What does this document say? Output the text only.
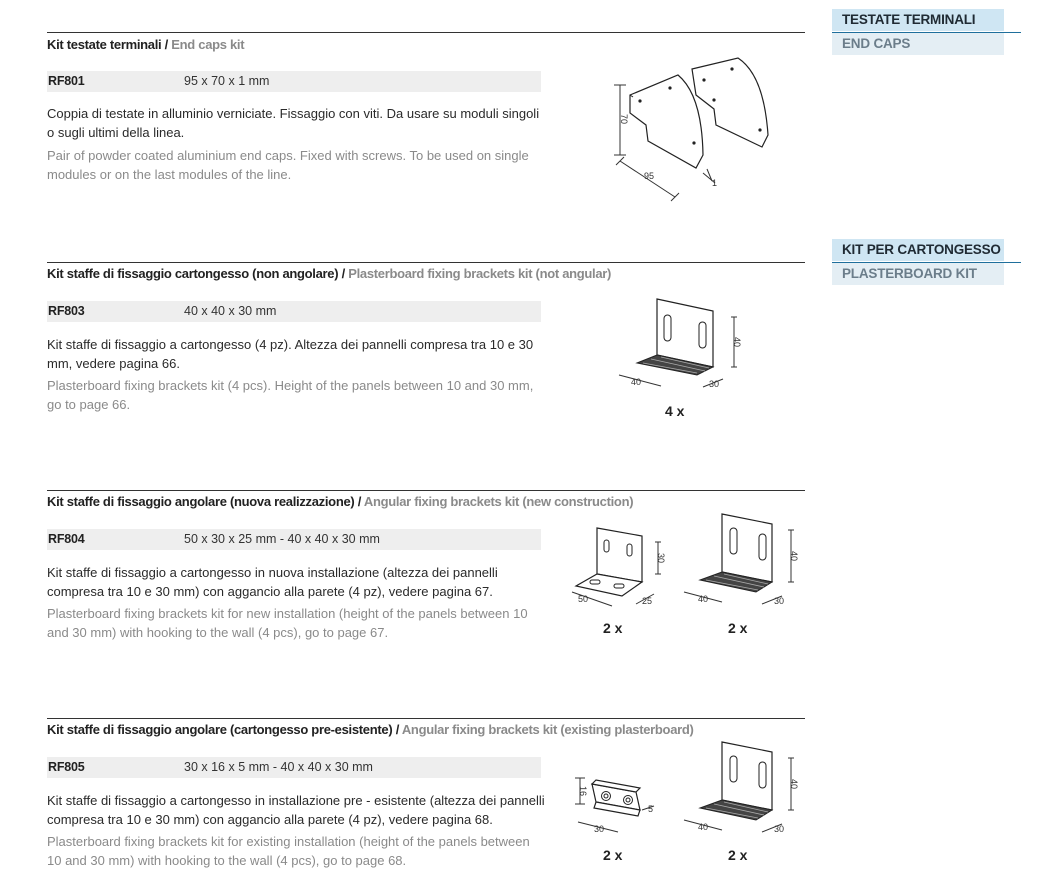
TESTATE TERMINALI
END CAPS
KIT PER CARTONGESSO
PLASTERBOARD KIT
Kit testate terminali / End caps kit
RF801	95 x 70 x 1 mm
Coppia di testate in alluminio verniciate. Fissaggio con viti. Da usare su moduli singoli o sugli ultimi della linea.
Pair of powder coated aluminium end caps. Fixed with screws. To be used on single modules or on the last modules of the line.
70
95
1
Kit staffe di fissaggio cartongesso (non angolare) / Plasterboard fixing brackets kit (not angular)
RF803	40 x 40 x 30 mm
Kit staffe di fissaggio a cartongesso (4 pz). Altezza dei pannelli compresa tra 10 e 30 mm, vedere pagina 66.
Plasterboard fixing brackets kit (4 pcs). Height of the panels between 10 and 30 mm, go to page 66.
40
40	30
4 x
Kit staffe di fissaggio angolare (nuova realizzazione) / Angular fixing brackets kit (new construction)
RF804	50 x 30 x 25 mm - 40 x 40 x 30 mm
Kit staffe di fissaggio a cartongesso in nuova installazione (altezza dei pannelli compresa tra 10 e 30 mm) con aggancio alla parete (4 pz), vedere pagina 67.
Plasterboard fixing brackets kit for new installation (height of the panels between 10 and 30 mm) with hooking to the wall (4 pcs), go to page 67.
30
50	25
2 x
40
40	30
2 x
Kit staffe di fissaggio angolare (cartongesso pre-esistente) / Angular fixing brackets kit (existing plasterboard)
RF805	30 x 16 x 5 mm - 40 x 40 x 30 mm
Kit staffe di fissaggio a cartongesso in installazione pre - esistente (altezza dei pannelli compresa tra 10 e 30 mm) con aggancio alla parete (4 pz), vedere pagina 68.
Plasterboard fixing brackets kit for existing installation (height of the panels between 10 and 30 mm) with hooking to the wall (4 pcs), go to page 68.
16
5
30
2 x
40
40	30
2 x
